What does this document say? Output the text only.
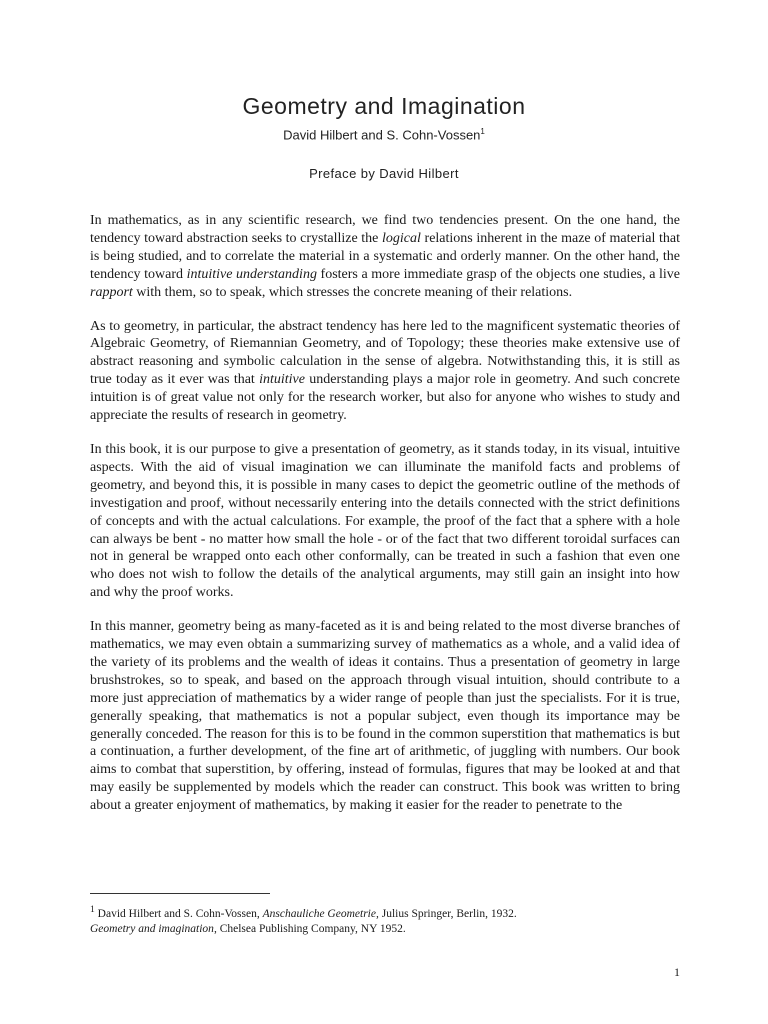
Geometry and Imagination
David Hilbert and S. Cohn-Vossen$^1$
Preface by David Hilbert

In mathematics, as in any scientific research, we find two tendencies present. On the one hand, the tendency toward abstraction seeks to crystallize the logical relations inherent in the maze of material that is being studied, and to correlate the material in a systematic and orderly manner. On the other hand, the tendency toward intuitive understanding fosters a more immediate grasp of the objects one studies, a live rapport with them, so to speak, which stresses the concrete meaning of their relations.

As to geometry, in particular, the abstract tendency has here led to the magnificent systematic theories of Algebraic Geometry, of Riemannian Geometry, and of Topology; these theories make extensive use of abstract reasoning and symbolic calculation in the sense of algebra. Notwithstanding this, it is still as true today as it ever was that intuitive understanding plays a major role in geometry. And such concrete intuition is of great value not only for the research worker, but also for anyone who wishes to study and appreciate the results of research in geometry.

In this book, it is our purpose to give a presentation of geometry, as it stands today, in its visual, intuitive aspects. With the aid of visual imagination we can illuminate the manifold facts and problems of geometry, and beyond this, it is possible in many cases to depict the geometric outline of the methods of investigation and proof, without necessarily entering into the details connected with the strict definitions of concepts and with the actual calculations. For example, the proof of the fact that a sphere with a hole can always be bent - no matter how small the hole - or of the fact that two different toroidal surfaces can not in general be wrapped onto each other conformally, can be treated in such a fashion that even one who does not wish to follow the details of the analytical arguments, may still gain an insight into how and why the proof works.

In this manner, geometry being as many-faceted as it is and being related to the most diverse branches of mathematics, we may even obtain a summarizing survey of mathematics as a whole, and a valid idea of the variety of its problems and the wealth of ideas it contains. Thus a presentation of geometry in large brushstrokes, so to speak, and based on the approach through visual intuition, should contribute to a more just appreciation of mathematics by a wider range of people than just the specialists. For it is true, generally speaking, that mathematics is not a popular subject, even though its importance may be generally conceded. The reason for this is to be found in the common superstition that mathematics is but a continuation, a further development, of the fine art of arithmetic, of juggling with numbers. Our book aims to combat that superstition, by offering, instead of formulas, figures that may be looked at and that may easily be supplemented by models which the reader can construct. This book was written to bring about a greater enjoyment of mathematics, by making it easier for the reader to penetrate to the

$^1$ David Hilbert and S. Cohn-Vossen, Anschauliche Geometrie, Julius Springer, Berlin, 1932.
Geometry and imagination, Chelsea Publishing Company, NY 1952.
1
